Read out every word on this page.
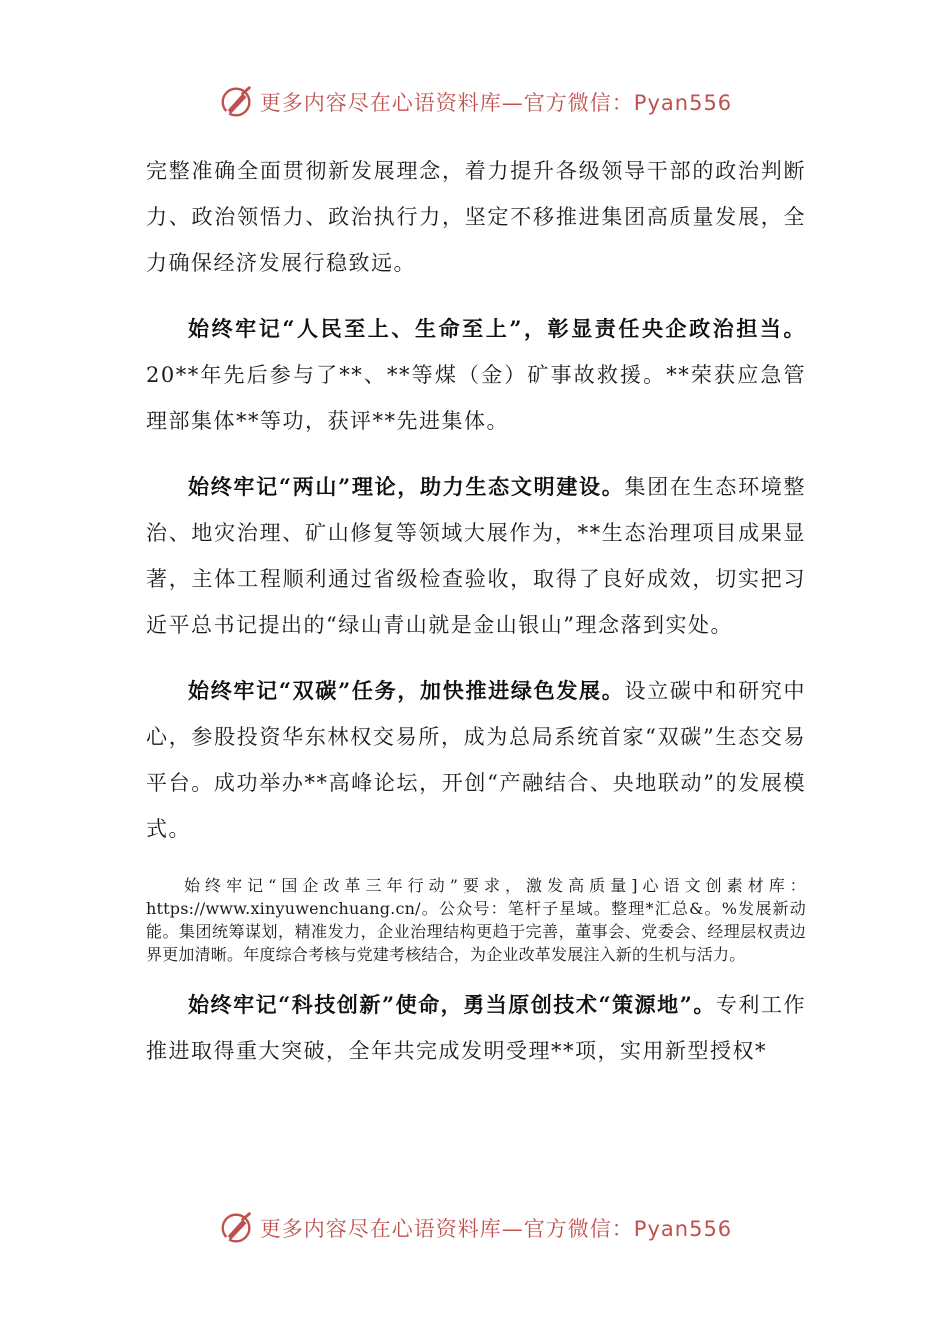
更多内容尽在心语资料库—官方微信：Pyan556

完整准确全面贯彻新发展理念，着力提升各级领导干部的政治判断力、政治领悟力、政治执行力，坚定不移推进集团高质量发展，全力确保经济发展行稳致远。

始终牢记“人民至上、生命至上”，彰显责任央企政治担当。20**年先后参与了**、**等煤（金）矿事故救援。**荣获应急管理部集体**等功，获评**先进集体。

始终牢记“两山”理论，助力生态文明建设。集团在生态环境整治、地灾治理、矿山修复等领域大展作为，**生态治理项目成果显著，主体工程顺利通过省级检查验收，取得了良好成效，切实把习近平总书记提出的“绿山青山就是金山银山”理念落到实处。

始终牢记“双碳”任务，加快推进绿色发展。设立碳中和研究中心，参股投资华东林权交易所，成为总局系统首家“双碳”生态交易平台。成功举办**高峰论坛，开创“产融结合、央地联动”的发展模式。

始终牢记“国企改革三年行动”要求，激发高质量]心语文创素材库：https://www.xinyuwenchuang.cn/。公众号：笔杆子星域。整理*汇总&。%发展新动能。集团统筹谋划，精准发力，企业治理结构更趋于完善，董事会、党委会、经理层权责边界更加清晰。年度综合考核与党建考核结合，为企业改革发展注入新的生机与活力。

始终牢记“科技创新”使命，勇当原创技术“策源地”。专利工作推进取得重大突破，全年共完成发明受理**项，实用新型授权*

更多内容尽在心语资料库—官方微信：Pyan556
